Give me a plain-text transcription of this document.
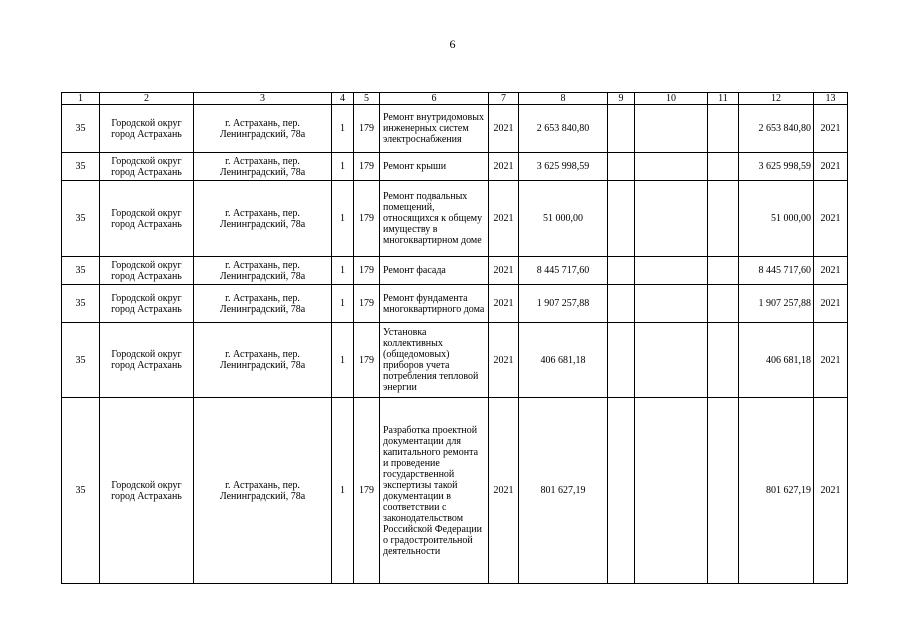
6
1	2	3	4	5	6	7	8	9	10	11	12	13
35	Городской округ город Астрахань	г. Астрахань, пер. Ленинградский, 78а	1	179	Ремонт внутридомовых инженерных систем электроснабжения	2021	2 653 840,80				2 653 840,80	2021
35	Городской округ город Астрахань	г. Астрахань, пер. Ленинградский, 78а	1	179	Ремонт крыши	2021	3 625 998,59				3 625 998,59	2021
35	Городской округ город Астрахань	г. Астрахань, пер. Ленинградский, 78а	1	179	Ремонт подвальных помещений, относящихся к общему имуществу в многоквартирном доме	2021	51 000,00				51 000,00	2021
35	Городской округ город Астрахань	г. Астрахань, пер. Ленинградский, 78а	1	179	Ремонт фасада	2021	8 445 717,60				8 445 717,60	2021
35	Городской округ город Астрахань	г. Астрахань, пер. Ленинградский, 78а	1	179	Ремонт фундамента многоквартирного дома	2021	1 907 257,88				1 907 257,88	2021
35	Городской округ город Астрахань	г. Астрахань, пер. Ленинградский, 78а	1	179	Установка коллективных (общедомовых) приборов учета потребления тепловой энергии	2021	406 681,18				406 681,18	2021
35	Городской округ город Астрахань	г. Астрахань, пер. Ленинградский, 78а	1	179	Разработка проектной документации для капитального ремонта и проведение государственной экспертизы такой документации в соответствии с законодательством Российской Федерации о градостроительной деятельности	2021	801 627,19				801 627,19	2021
